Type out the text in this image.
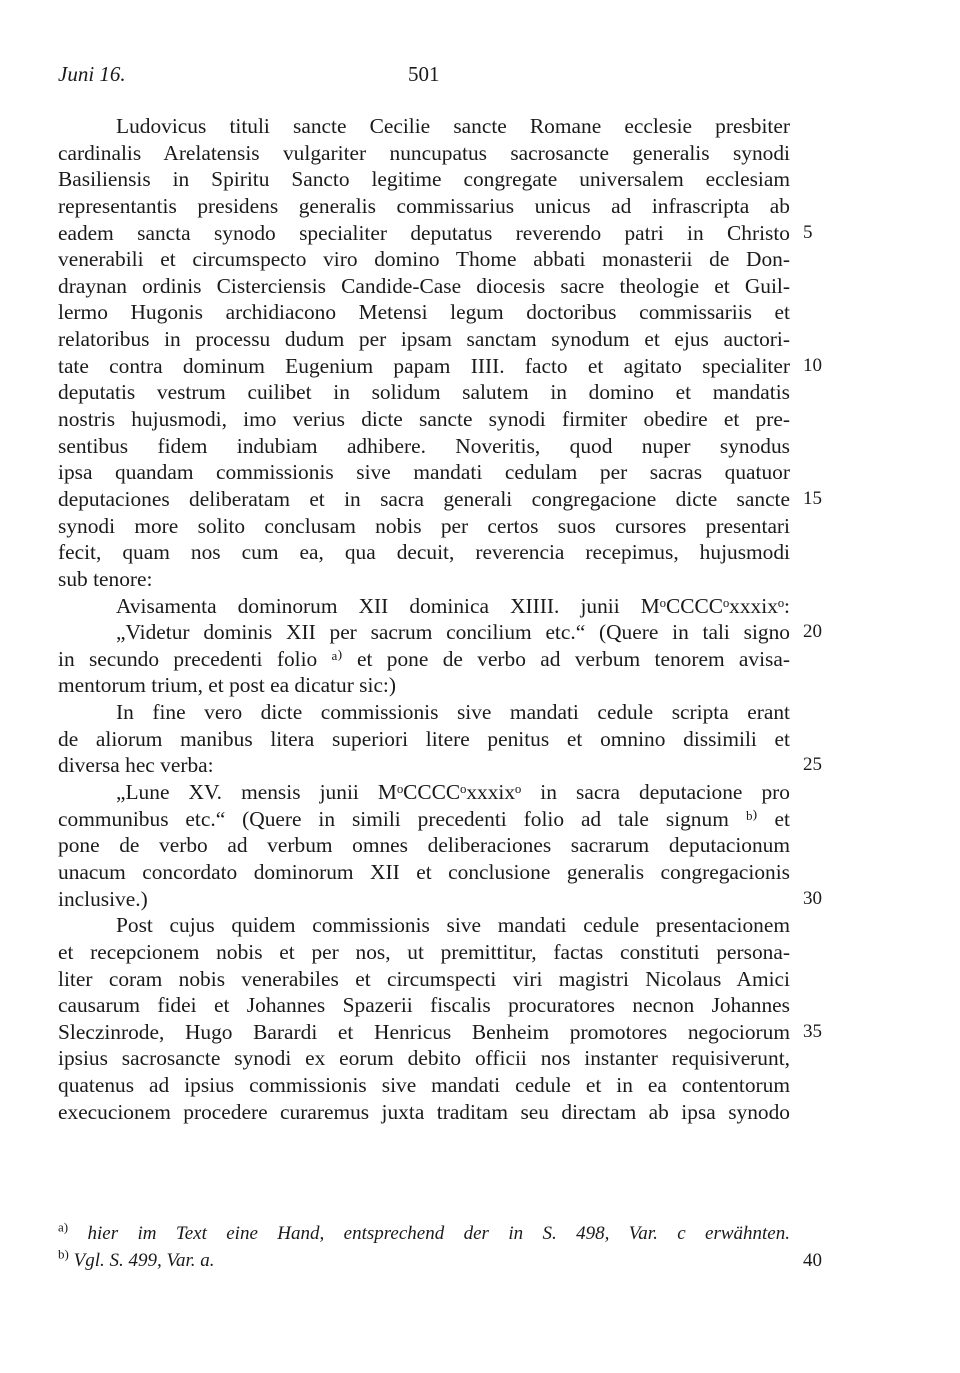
Juni 16.	501
Ludovicus tituli sancte Cecilie sancte Romane ecclesie presbiter
cardinalis Arelatensis vulgariter nuncupatus sacrosancte generalis synodi
Basiliensis in Spiritu Sancto legitime congregate universalem ecclesiam
representantis presidens generalis commissarius unicus ad infrascripta ab
eadem sancta synodo specialiter deputatus reverendo patri in Christo 5
venerabili et circumspecto viro domino Thome abbati monasterii de Don-
draynan ordinis Cisterciensis Candide-Case diocesis sacre theologie et Guil-
lermo Hugonis archidiacono Metensi legum doctoribus commissariis et
relatoribus in processu dudum per ipsam sanctam synodum et ejus auctori-
tate contra dominum Eugenium papam IIII. facto et agitato specialiter 10
deputatis vestrum cuilibet in solidum salutem in domino et mandatis
nostris hujusmodi, imo verius dicte sancte synodi firmiter obedire et pre-
sentibus fidem indubiam adhibere. Noveritis, quod nuper synodus
ipsa quandam commissionis sive mandati cedulam per sacras quatuor
deputaciones deliberatam et in sacra generali congregacione dicte sancte 15
synodi more solito conclusam nobis per certos suos cursores presentari
fecit, quam nos cum ea, qua decuit, reverencia recepimus, hujusmodi
sub tenore:
Avisamenta dominorum XII dominica XIIII. junii MᵒCCCCᵒxxxixᵒ:
„Videtur dominis XII per sacrum concilium etc.“ (Quere in tali signo 20
in secundo precedenti folio ᵃ⁾ et pone de verbo ad verbum tenorem avisa-
mentorum trium, et post ea dicatur sic:)
In fine vero dicte commissionis sive mandati cedule scripta erant
de aliorum manibus litera superiori litere penitus et omnino dissimili et
diversa hec verba:	25
„Lune XV. mensis junii MᵒCCCCᵒxxxixᵒ in sacra deputacione pro
communibus etc.“ (Quere in simili precedenti folio ad tale signum ᵇ⁾ et
pone de verbo ad verbum omnes deliberaciones sacrarum deputacionum
unacum concordato dominorum XII et conclusione generalis congregacionis
inclusive.)	30
Post cujus quidem commissionis sive mandati cedule presentacionem
et recepcionem nobis et per nos, ut premittitur, factas constituti persona-
liter coram nobis venerabiles et circumspecti viri magistri Nicolaus Amici
causarum fidei et Johannes Spazerii fiscalis procuratores necnon Johannes
Sleczinrode, Hugo Barardi et Henricus Benheim promotores negociorum 35
ipsius sacrosancte synodi ex eorum debito officii nos instanter requisiverunt,
quatenus ad ipsius commissionis sive mandati cedule et in ea contentorum
execucionem procedere curaremus juxta traditam seu directam ab ipsa synodo
$^{a)}$ hier im Text eine Hand, entsprechend der in S. 498, Var. c erwähnten.
$^{b)}$ Vgl. S. 499, Var. a.	40
